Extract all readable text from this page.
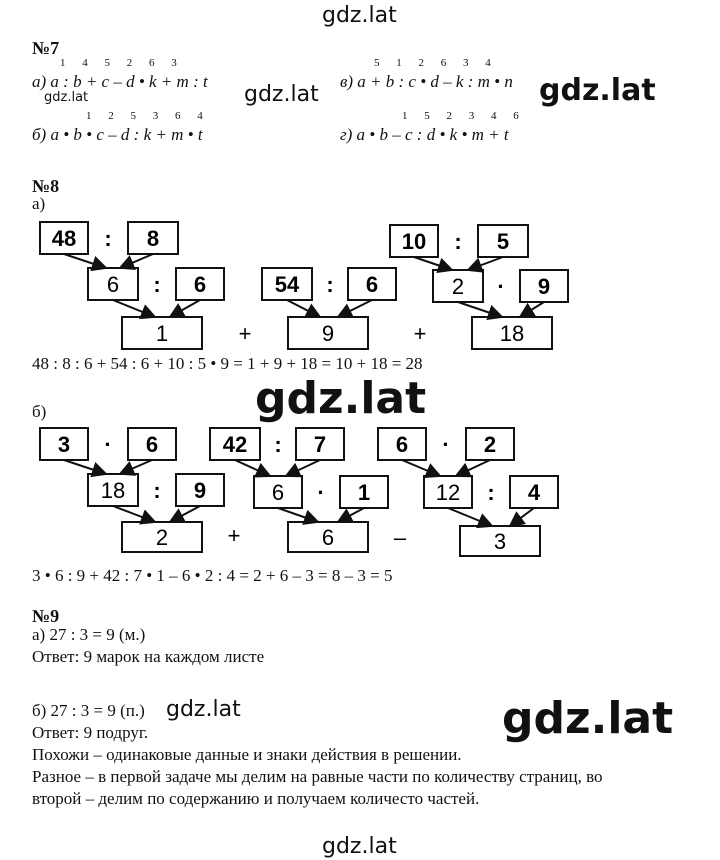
gdz.lat
gdz.lat	gdz.lat	gdz.lat
gdz.lat
gdz.lat	gdz.lat
gdz.lat
№7
1 4 5 2 6 3
а) a : b + c – d • k + m : t
5 1 2 6 3 4
в) a + b : c • d – k : m • n
1 2 5 3 6 4
б) a • b • c – d : k + m • t
1 5 2 3 4 6
г) a • b – c : d • k • m + t
№8
а)
48 : 8	10 : 5
6 : 6	54 : 6	2 · 9
1	+	9	+	18
3 · 6	42 : 7	6 · 2
18 : 9	6 · 1	12 : 4
2	+	6	–	3
48 : 8 : 6 + 54 : 6 + 10 : 5 • 9 = 1 + 9 + 18 = 10 + 18 = 28
б)
3 • 6 : 9 + 42 : 7 • 1 – 6 • 2 : 4 = 2 + 6 – 3 = 8 – 3 = 5
№9
а) 27 : 3 = 9 (м.)
Ответ: 9 марок на каждом листе
б) 27 : 3 = 9 (п.)
Ответ: 9 подруг.
Похожи – одинаковые данные и знаки действия в решении.
Разное – в первой задаче мы делим на равные части по количеству страниц, во
второй – делим по содержанию и получаем количесто частей.
